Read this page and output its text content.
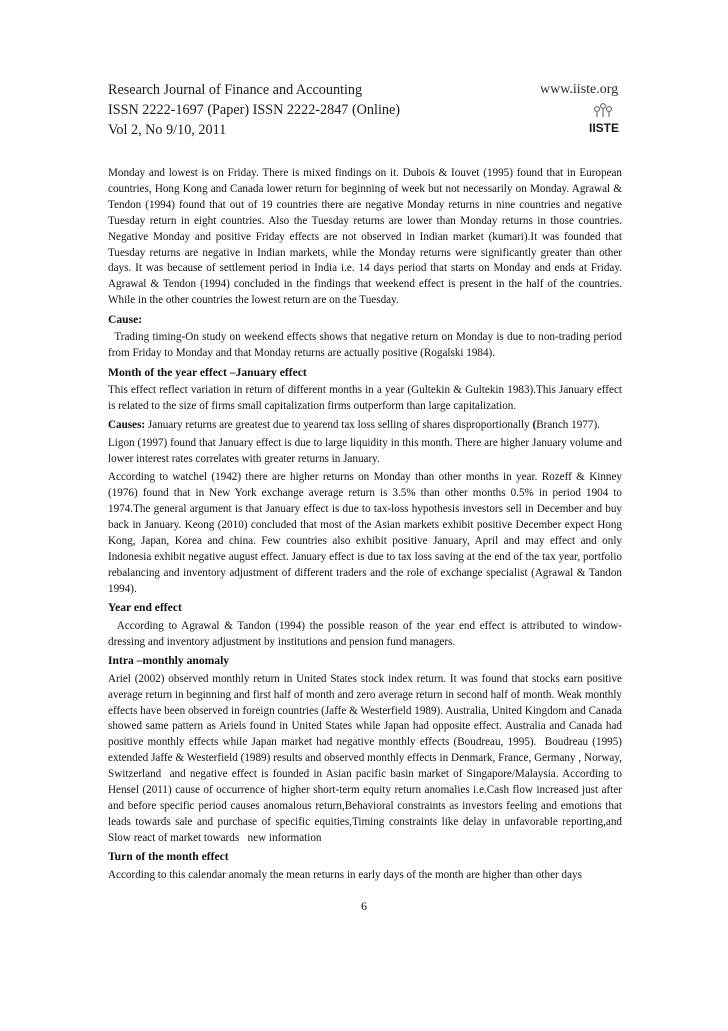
Research Journal of Finance and Accounting
ISSN 2222-1697 (Paper) ISSN 2222-2847 (Online)
Vol 2, No 9/10, 2011
www.iiste.org
IISTE

Monday and lowest is on Friday. There is mixed findings on it. Dubois & Iouvet (1995) found that in European countries, Hong Kong and Canada lower return for beginning of week but not necessarily on Monday. Agrawal & Tendon (1994) found that out of 19 countries there are negative Monday returns in nine countries and negative Tuesday return in eight countries. Also the Tuesday returns are lower than Monday returns in those countries. Negative Monday and positive Friday effects are not observed in Indian market (kumari).It was founded that Tuesday returns are negative in Indian markets, while the Monday returns were significantly greater than other days. It was because of settlement period in India i.e. 14 days period that starts on Monday and ends at Friday. Agrawal & Tendon (1994) concluded in the findings that weekend effect is present in the half of the countries. While in the other countries the lowest return are on the Tuesday.

Cause:

Trading timing-On study on weekend effects shows that negative return on Monday is due to non-trading period from Friday to Monday and that Monday returns are actually positive (Rogalski 1984).

Month of the year effect –January effect

This effect reflect variation in return of different months in a year (Gultekin & Gultekin 1983).This January effect is related to the size of firms small capitalization firms outperform than large capitalization.

Causes: January returns are greatest due to yearend tax loss selling of shares disproportionally (Branch 1977).

Ligon (1997) found that January effect is due to large liquidity in this month. There are higher January volume and lower interest rates correlates with greater returns in January.

According to watchel (1942) there are higher returns on Monday than other months in year. Rozeff & Kinney (1976) found that in New York exchange average return is 3.5% than other months 0.5% in period 1904 to 1974.The general argument is that January effect is due to tax-loss hypothesis investors sell in December and buy back in January. Keong (2010) concluded that most of the Asian markets exhibit positive December expect Hong Kong, Japan, Korea and china. Few countries also exhibit positive January, April and may effect and only Indonesia exhibit negative august effect. January effect is due to tax loss saving at the end of the tax year, portfolio rebalancing and inventory adjustment of different traders and the role of exchange specialist (Agrawal & Tandon 1994).

Year end effect

According to Agrawal & Tandon (1994) the possible reason of the year end effect is attributed to window-dressing and inventory adjustment by institutions and pension fund managers.

Intra –monthly anomaly

Ariel (2002) observed monthly return in United States stock index return. It was found that stocks earn positive average return in beginning and first half of month and zero average return in second half of month. Weak monthly effects have been observed in foreign countries (Jaffe & Westerfield 1989). Australia, United Kingdom and Canada showed same pattern as Ariels found in United States while Japan had opposite effect. Australia and Canada had positive monthly effects while Japan market had negative monthly effects (Boudreau, 1995).  Boudreau (1995) extended Jaffe & Westerfield (1989) results and observed monthly effects in Denmark, France, Germany , Norway, Switzerland  and negative effect is founded in Asian pacific basin market of Singapore/Malaysia. According to Hensel (2011) cause of occurrence of higher short-term equity return anomalies i.e.Cash flow increased just after and before specific period causes anomalous return,Behavioral constraints as investors feeling and emotions that leads towards sale and purchase of specific equities,Timing constraints like delay in unfavorable reporting,and Slow react of market towards   new information

Turn of the month effect

According to this calendar anomaly the mean returns in early days of the month are higher than other days

6
